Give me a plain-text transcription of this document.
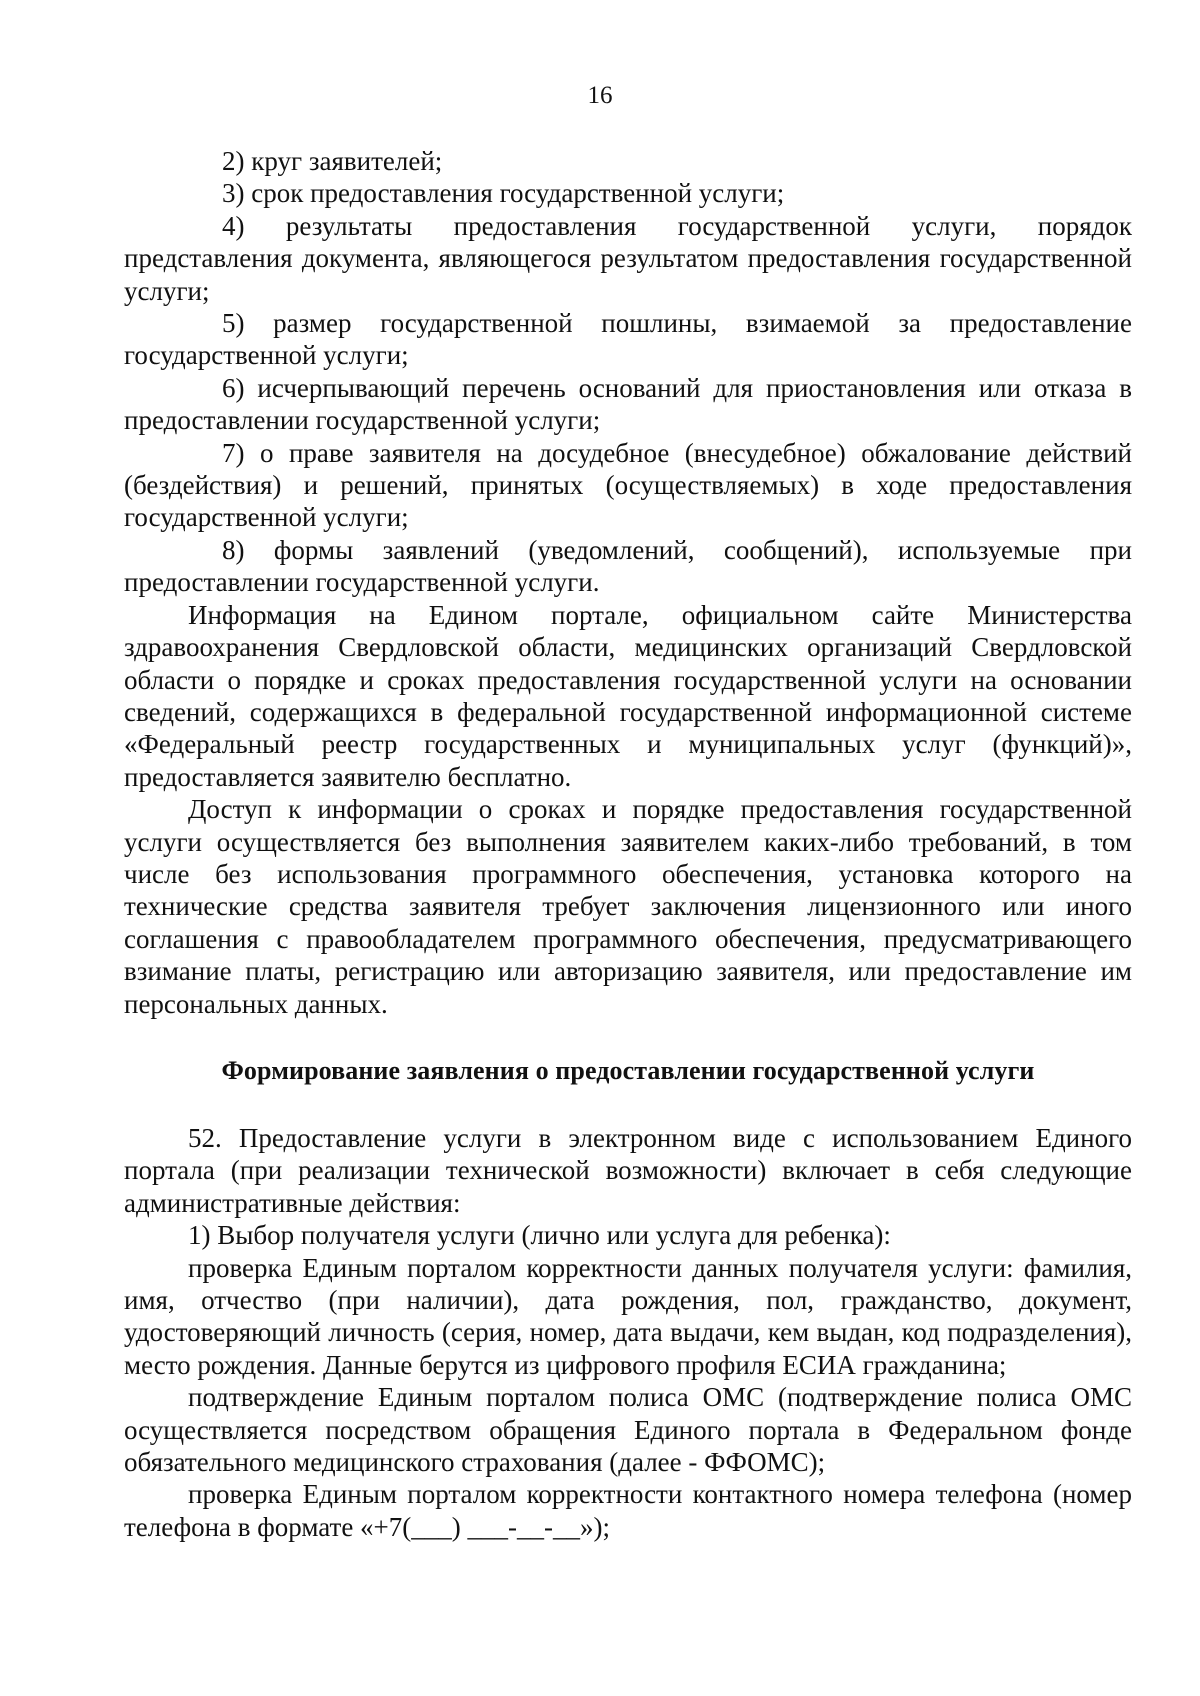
16

2) круг заявителей;

3) срок предоставления государственной услуги;

4) результаты предоставления государственной услуги, порядок представления документа, являющегося результатом предоставления государственной услуги;

5) размер государственной пошлины, взимаемой за предоставление государственной услуги;

6) исчерпывающий перечень оснований для приостановления или отказа в предоставлении государственной услуги;

7) о праве заявителя на досудебное (внесудебное) обжалование действий (бездействия) и решений, принятых (осуществляемых) в ходе предоставления государственной услуги;

8) формы заявлений (уведомлений, сообщений), используемые при предоставлении государственной услуги.

Информация на Едином портале, официальном сайте Министерства здравоохранения Свердловской области, медицинских организаций Свердловской области о порядке и сроках предоставления государственной услуги на основании сведений, содержащихся в федеральной государственной информационной системе «Федеральный реестр государственных и муниципальных услуг (функций)», предоставляется заявителю бесплатно.

Доступ к информации о сроках и порядке предоставления государственной услуги осуществляется без выполнения заявителем каких-либо требований, в том числе без использования программного обеспечения, установка которого на технические средства заявителя требует заключения лицензионного или иного соглашения с правообладателем программного обеспечения, предусматривающего взимание платы, регистрацию или авторизацию заявителя, или предоставление им персональных данных.

Формирование заявления о предоставлении государственной услуги

52. Предоставление услуги в электронном виде с использованием Единого портала (при реализации технической возможности) включает в себя следующие административные действия:

1) Выбор получателя услуги (лично или услуга для ребенка):

проверка Единым порталом корректности данных получателя услуги: фамилия, имя, отчество (при наличии), дата рождения, пол, гражданство, документ, удостоверяющий личность (серия, номер, дата выдачи, кем выдан, код подразделения), место рождения. Данные берутся из цифрового профиля ЕСИА гражданина;

подтверждение Единым порталом полиса ОМС (подтверждение полиса ОМС осуществляется посредством обращения Единого портала в Федеральном фонде обязательного медицинского страхования (далее - ФФОМС);

проверка Единым порталом корректности контактного номера телефона (номер телефона в формате «+7(___) ___-__-__»);
